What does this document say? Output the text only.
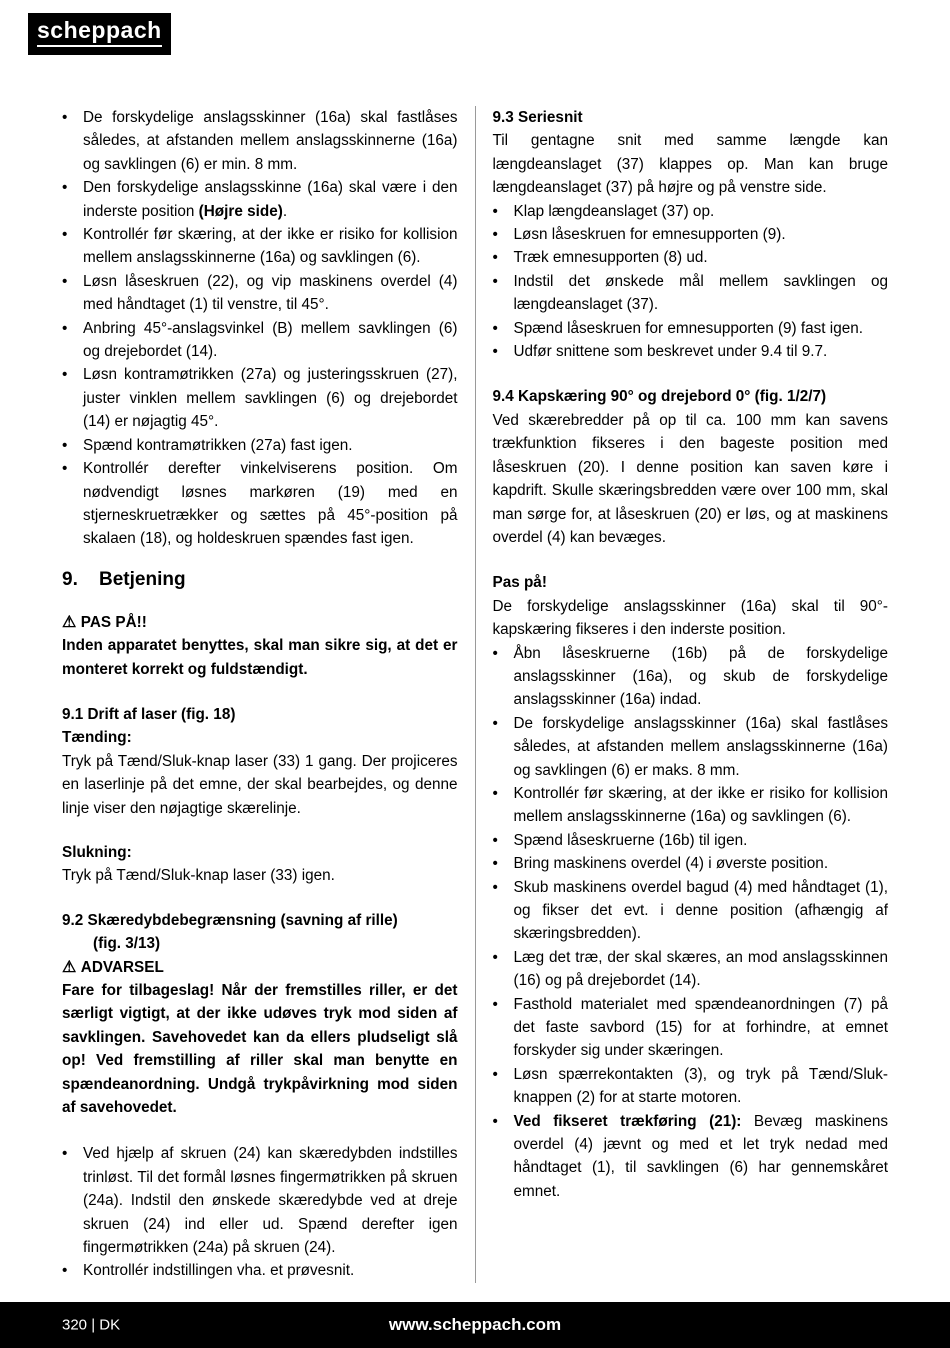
scheppach
•	De forskydelige anslagsskinner (16a) skal fastlåses således, at afstanden mellem anslagsskinnerne (16a) og savklingen (6) er min. 8 mm.
•	Den forskydelige anslagsskinne (16a) skal være i den inderste position (Højre side).
•	Kontrollér før skæring, at der ikke er risiko for kollision mellem anslagsskinnerne (16a) og savklingen (6).
•	Løsn låseskruen (22), og vip maskinens overdel (4) med håndtaget (1) til venstre, til 45°.
•	Anbring 45°-anslagsvinkel (B) mellem savklingen (6) og drejebordet (14).
•	Løsn kontramøtrikken (27a) og justeringsskruen (27), juster vinklen mellem savklingen (6) og drejebordet (14) er nøjagtig 45°.
•	Spænd kontramøtrikken (27a) fast igen.
•	Kontrollér derefter vinkelviserens position. Om nødvendigt løsnes markøren (19) med en stjerneskruetrækker og sættes på 45°-position på skalaen (18), og holdeskruen spændes fast igen.
9. Betjening
⚠ PAS PÅ!!
Inden apparatet benyttes, skal man sikre sig, at det er monteret korrekt og fuldstændigt.
9.1 Drift af laser (fig. 18)
Tænding:
Tryk på Tænd/Sluk-knap laser (33) 1 gang. Der projiceres en laserlinje på det emne, der skal bearbejdes, og denne linje viser den nøjagtige skærelinje.
Slukning:
Tryk på Tænd/Sluk-knap laser (33) igen.
9.2 Skæredybdebegrænsning (savning af rille)
(fig. 3/13)
⚠ ADVARSEL
Fare for tilbageslag! Når der fremstilles riller, er det særligt vigtigt, at der ikke udøves tryk mod siden af savklingen. Savehovedet kan da ellers pludseligt slå op! Ved fremstilling af riller skal man benytte en spændeanordning. Undgå trykpåvirkning mod siden af savehovedet.
•	Ved hjælp af skruen (24) kan skæredybden indstilles trinløst. Til det formål løsnes fingermøtrikken på skruen (24a). Indstil den ønskede skæredybde ved at dreje skruen (24) ind eller ud. Spænd derefter igen fingermøtrikken (24a) på skruen (24).
•	Kontrollér indstillingen vha. et prøvesnit.
9.3 Seriesnit
Til gentagne snit med samme længde kan længdeanslaget (37) klappes op. Man kan bruge længdeanslaget (37) på højre og på venstre side.
•	Klap længdeanslaget (37) op.
•	Løsn låseskruen for emnesupporten (9).
•	Træk emnesupporten (8) ud.
•	Indstil det ønskede mål mellem savklingen og længdeanslaget (37).
•	Spænd låseskruen for emnesupporten (9) fast igen.
•	Udfør snittene som beskrevet under 9.4 til 9.7.
9.4 Kapskæring 90° og drejebord 0° (fig. 1/2/7)
Ved skærebredder på op til ca. 100 mm kan savens trækfunktion fikseres i den bageste position med låseskruen (20). I denne position kan saven køre i kapdrift. Skulle skæringsbredden være over 100 mm, skal man sørge for, at låseskruen (20) er løs, og at maskinens overdel (4) kan bevæges.
Pas på!
De forskydelige anslagsskinner (16a) skal til 90°-kapskæring fikseres i den inderste position.
•	Åbn låseskruerne (16b) på de forskydelige anslagsskinner (16a), og skub de forskydelige anslagsskinner (16a) indad.
•	De forskydelige anslagsskinner (16a) skal fastlåses således, at afstanden mellem anslagsskinnerne (16a) og savklingen (6) er maks. 8 mm.
•	Kontrollér før skæring, at der ikke er risiko for kollision mellem anslagsskinnerne (16a) og savklingen (6).
•	Spænd låseskruerne (16b) til igen.
•	Bring maskinens overdel (4) i øverste position.
•	Skub maskinens overdel bagud (4) med håndtaget (1), og fikser det evt. i denne position (afhængig af skæringsbredden).
•	Læg det træ, der skal skæres, an mod anslagsskinnen (16) og på drejebordet (14).
•	Fasthold materialet med spændeanordningen (7) på det faste savbord (15) for at forhindre, at emnet forskyder sig under skæringen.
•	Løsn spærrekontakten (3), og tryk på Tænd/Sluk-knappen (2) for at starte motoren.
•	Ved fikseret trækføring (21): Bevæg maskinens overdel (4) jævnt og med et let tryk nedad med håndtaget (1), til savklingen (6) har gennemskåret emnet.
320 | DK	www.scheppach.com
